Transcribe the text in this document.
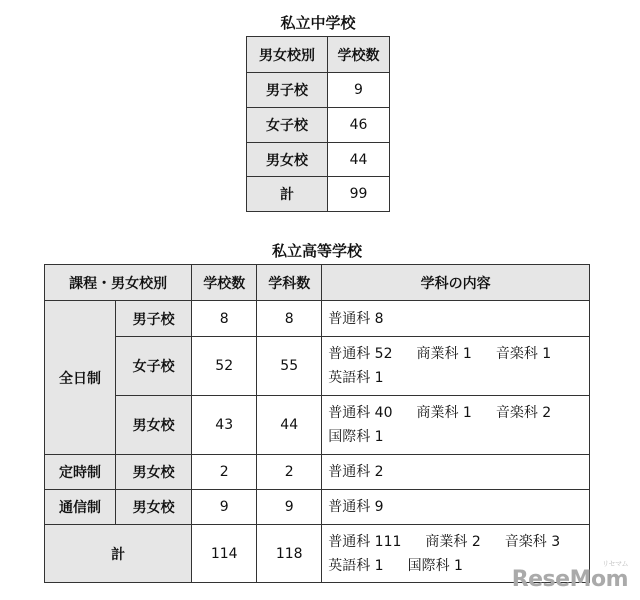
私立中学校
男女校別	学校数
男子校	9
女子校	46
男女校	44
計	99
私立高等学校
課程・男女校別		学校数	学科数	学科の内容
全日制	男子校	8	8	普通科 8
	女子校	52	55	普通科 52 商業科 1 音楽科 1
英語科 1

	男女校	43	44	普通科 40 商業科 1 音楽科 2
国際科 1

定時制	男女校	2	2	普通科 2
通信制	男女校	9	9	普通科 9
計		114	118	普通科 111 商業科 2 音楽科 3
英語科 1 国際科 1	リセマム
ReseMom
